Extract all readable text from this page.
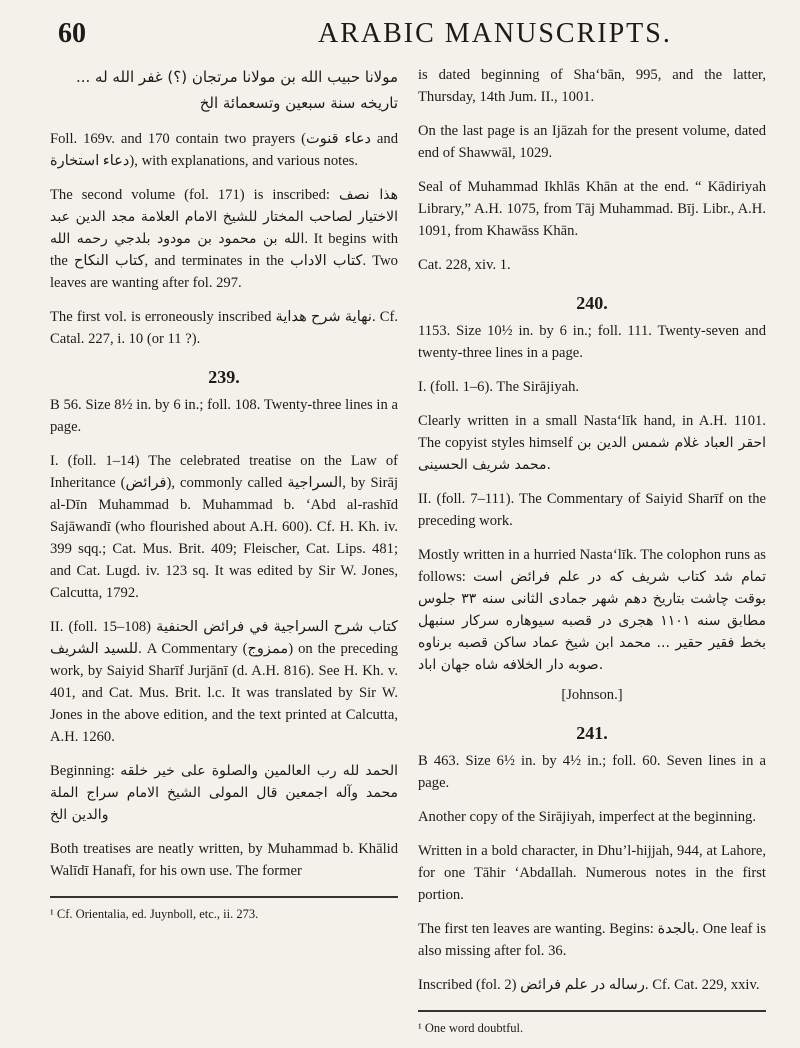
60	ARABIC MANUSCRIPTS.

مولانا حبیب الله بن مولانا مرتجان (؟) غفر الله له ... تاریخه سنة سبعین وتسعمائة الخ

Foll. 169v. and 170 contain two prayers (دعاء قنوت and دعاء استخارة), with explanations, and various notes.

The second volume (fol. 171) is inscribed: هذا نصف الاختيار لصاحب المختار للشيخ الامام العلامة مجد الدين عبد الله بن محمود بن مودود بلدجي رحمه الله. It begins with the كتاب النكاح, and terminates in the كتاب الاداب. Two leaves are wanting after fol. 297.

The first vol. is erroneously inscribed نهاية شرح هداية. Cf. Catal. 227, i. 10 (or 11 ?).

239.

B 56. Size 8½ in. by 6 in.; foll. 108. Twenty-three lines in a page.

I. (foll. 1–14) The celebrated treatise on the Law of Inheritance (فرائض), commonly called السراجية, by Sirāj al-Dīn Muhammad b. Muhammad b. ‘Abd al-rashīd Sajāwandī (who flourished about A.H. 600). Cf. H. Kh. iv. 399 sqq.; Cat. Mus. Brit. 409; Fleischer, Cat. Lips. 481; and Cat. Lugd. iv. 123 sq. It was edited by Sir W. Jones, Calcutta, 1792.

II. (foll. 15–108) كتاب شرح السراجية في فرائض الحنفية للسيد الشريف. A Commentary (ممزوج) on the preceding work, by Saiyid Sharīf Jurjānī (d. A.H. 816). See H. Kh. v. 401, and Cat. Mus. Brit. l.c. It was translated by Sir W. Jones in the above edition, and the text printed at Calcutta, A.H. 1260.

Beginning: الحمد لله رب العالمين والصلوة على خير خلقه محمد وآله اجمعين قال المولى الشيخ الامام سراج الملة والدين الخ

Both treatises are neatly written, by Muhammad b. Khālid Walīdī Hanafī, for his own use. The former

¹ Cf. Orientalia, ed. Juynboll, etc., ii. 273.

is dated beginning of Sha‘bān, 995, and the latter, Thursday, 14th Jum. II., 1001.

On the last page is an Ijāzah for the present volume, dated end of Shawwāl, 1029.

Seal of Muhammad Ikhlās Khān at the end. “ Kādiriyah Library,” A.H. 1075, from Tāj Muhammad. Bīj. Libr., A.H. 1091, from Khawāss Khān.

Cat. 228, xiv. 1.

240.

1153. Size 10½ in. by 6 in.; foll. 111. Twenty-seven and twenty-three lines in a page.

I. (foll. 1–6). The Sirājiyah.

Clearly written in a small Nasta‘līk hand, in A.H. 1101. The copyist styles himself احقر العباد غلام شمس الدين بن محمد شریف الحسینی.

II. (foll. 7–111). The Commentary of Saiyid Sharīf on the preceding work.

Mostly written in a hurried Nasta‘līk. The colophon runs as follows: تمام شد کتاب شریف که در علم فرائض است بوقت چاشت بتاریخ دهم شهر جمادی الثانی سنه ۳۳ جلوس مطابق سنه ۱۱۰۱ هجری در قصبه سیوهاره سرکار سنبهل بخط فقیر حقیر ... محمد ابن شیخ عماد ساکن قصبه برناوه صوبه دار الخلافه شاه جهان اباد.

[Johnson.]
241.

B 463. Size 6½ in. by 4½ in.; foll. 60. Seven lines in a page.

Another copy of the Sirājiyah, imperfect at the beginning.

Written in a bold character, in Dhu’l-hijjah, 944, at Lahore, for one Tāhir ‘Abdallah. Numerous notes in the first portion.

The first ten leaves are wanting. Begins: بالجدة. One leaf is also missing after fol. 36.

Inscribed (fol. 2) رساله در علم فرائض. Cf. Cat. 229, xxiv.

¹ One word doubtful.
